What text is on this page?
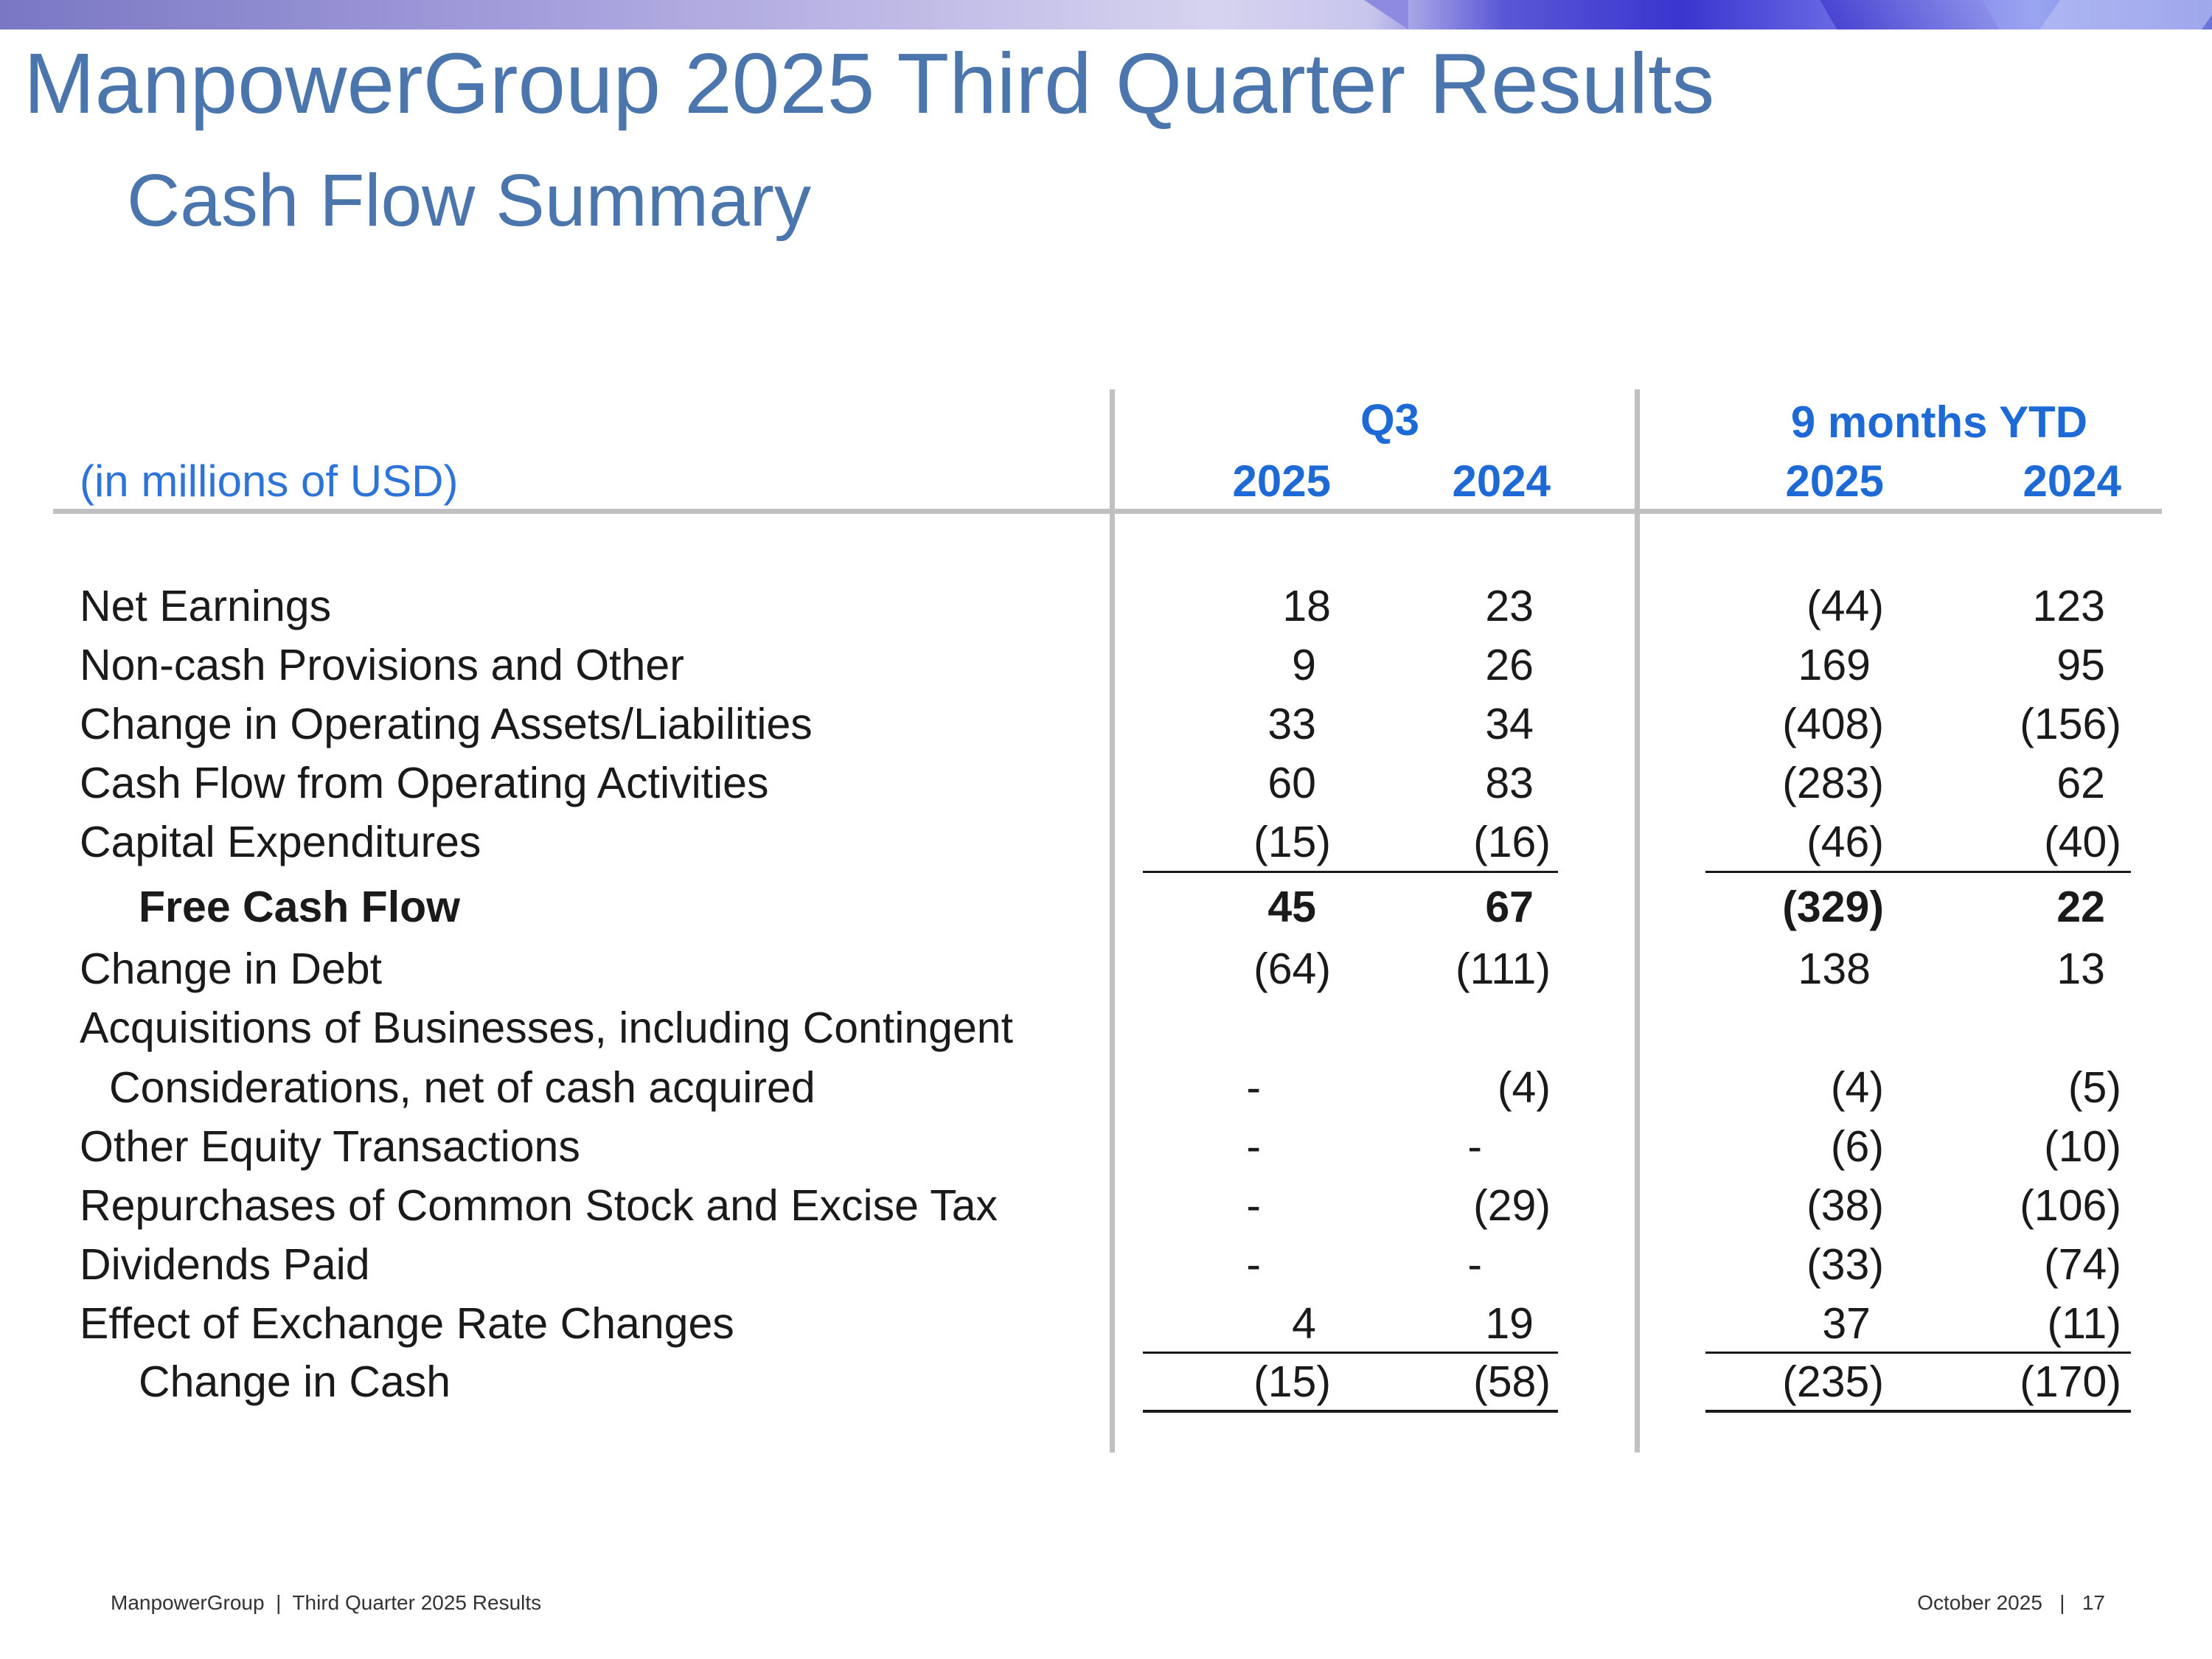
ManpowerGroup 2025 Third Quarter Results
Cash Flow Summary
(in millions of USD)
Q3	9 months YTD
2025	2024	2025	2024
Net Earnings	18	23	(44)	123
Non-cash Provisions and Other	9	26	169	95
Change in Operating Assets/Liabilities	33	34	(408)	(156)
Cash Flow from Operating Activities	60	83	(283)	62
Capital Expenditures	(15)	(16)	(46)	(40)
Free Cash Flow	45	67	(329)	22
Change in Debt	(64)	(111)	138	13
Acquisitions of Businesses, including Contingent
Considerations, net of cash acquired	-	(4)	(4)	(5)
Other Equity Transactions	-	-	(6)	(10)
Repurchases of Common Stock and Excise Tax	-	(29)	(38)	(106)
Dividends Paid	-	-	(33)	(74)
Effect of Exchange Rate Changes	4	19	37	(11)
Change in Cash	(15)	(58)	(235)	(170)
ManpowerGroup  |  Third Quarter 2025 Results	October 2025   |   17
